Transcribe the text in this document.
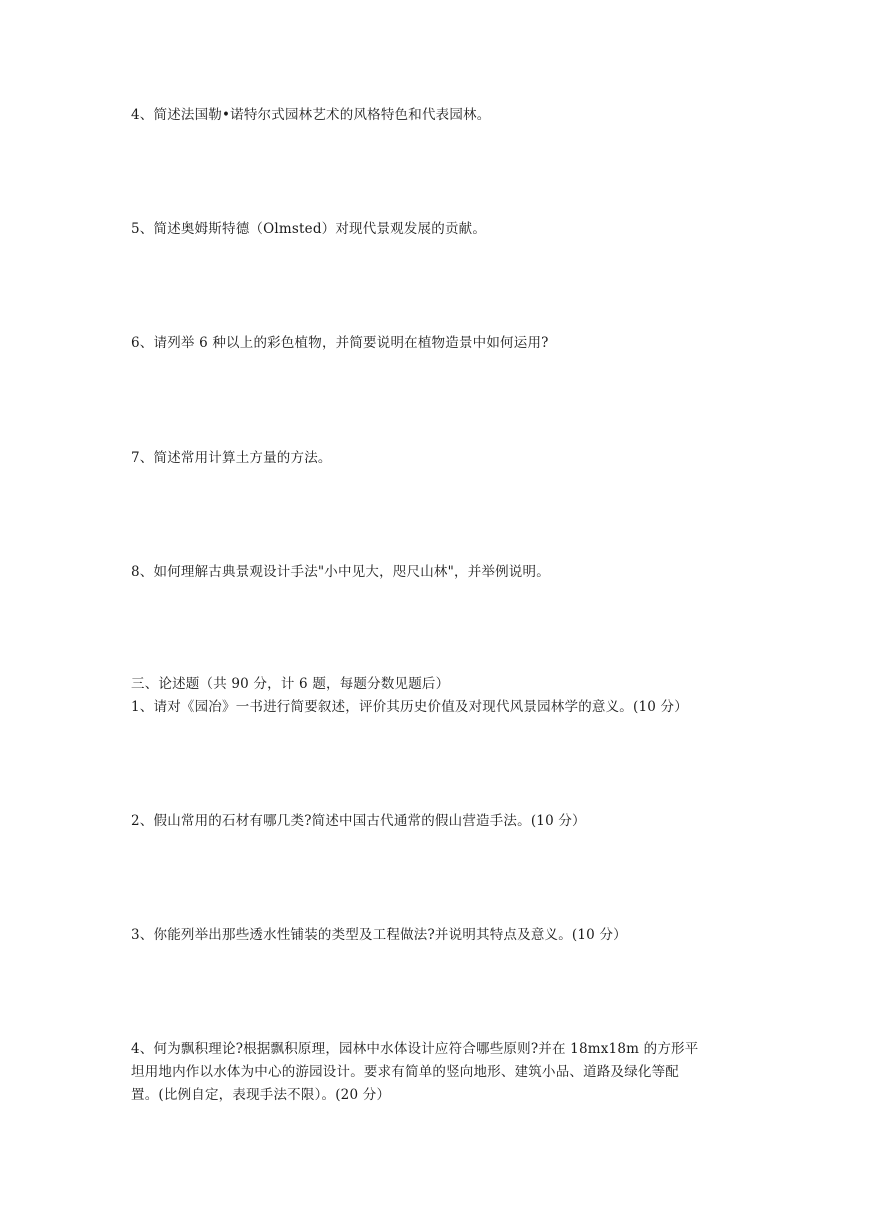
4、简述法国勒•诺特尔式园林艺术的风格特色和代表园林。
5、简述奥姆斯特德（Olmsted）对现代景观发展的贡献。
6、请列举 6 种以上的彩色植物，并简要说明在植物造景中如何运用?
7、简述常用计算土方量的方法。
8、如何理解古典景观设计手法"小中见大，咫尺山林"，并举例说明。
三、论述题（共 90 分，计 6 题，每题分数见题后）
1、请对《园冶》一书进行简要叙述，评价其历史价值及对现代风景园林学的意义。(10 分）
2、假山常用的石材有哪几类?简述中国古代通常的假山营造手法。(10 分）
3、你能列举出那些透水性铺装的类型及工程做法?并说明其特点及意义。(10 分）
4、何为飘积理论?根据飘积原理，园林中水体设计应符合哪些原则?并在 18mx18m 的方形平
坦用地内作以水体为中心的游园设计。要求有简单的竖向地形、建筑小品、道路及绿化等配
置。(比例自定，表现手法不限）。(20 分）
